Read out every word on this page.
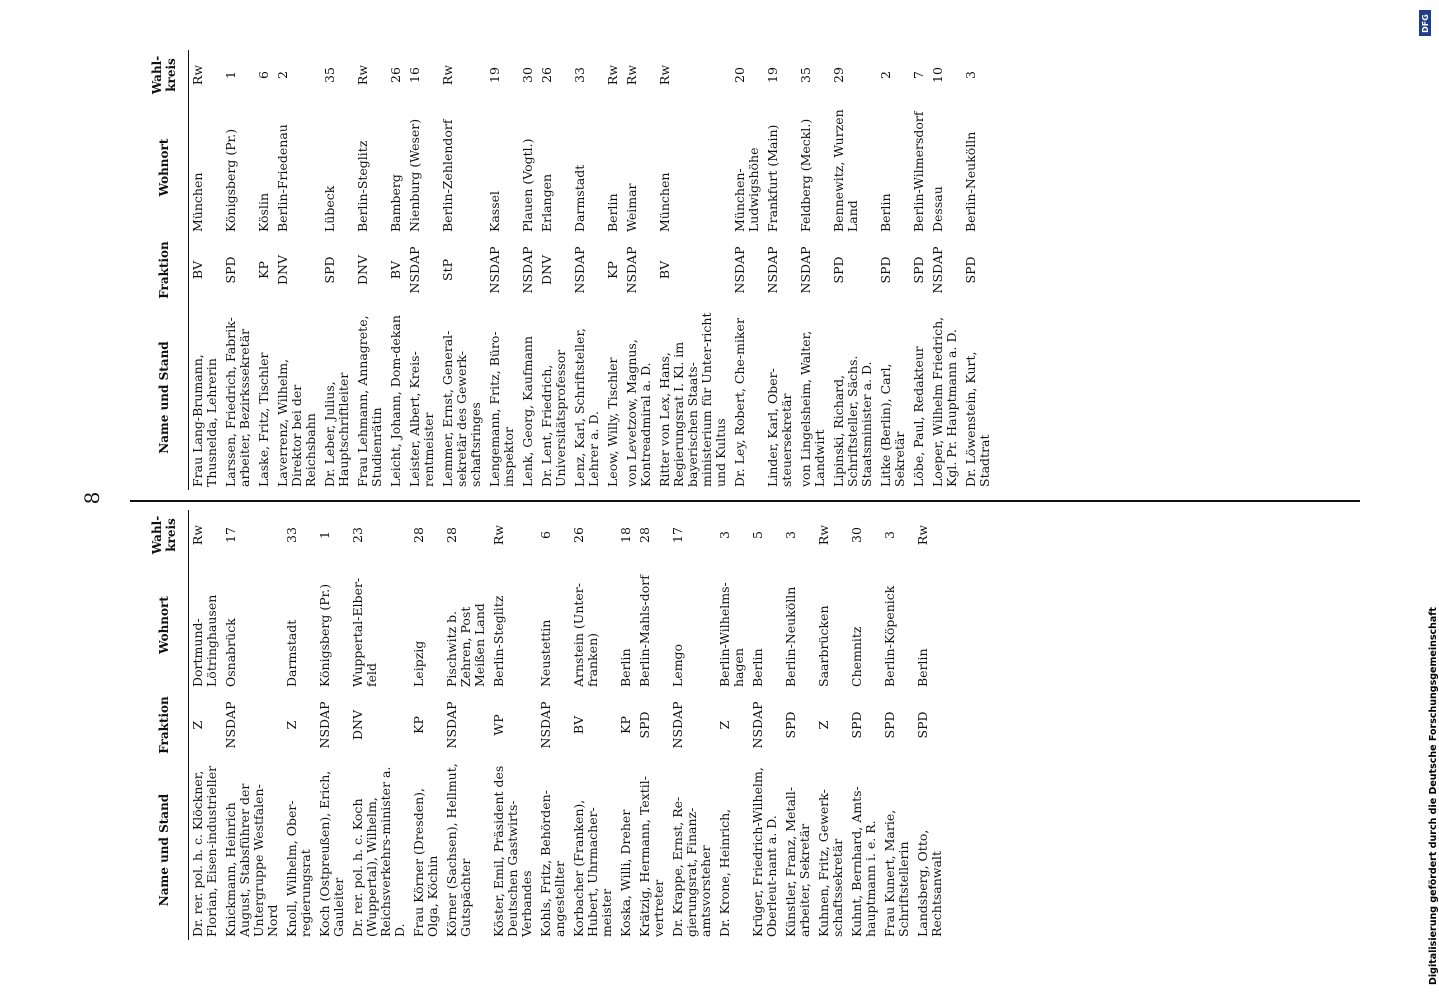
8
Name und Stand	Fraktion	Wohnort	Wahl-kreis
Dr. rer. pol. h. c. Klöckner, Florian, Eisen-industrieller	Z	Dortmund-Lötringhausen	Rw
Knickmann, Heinrich August, Stabsführer der Untergruppe Westfalen-Nord	NSDAP	Osnabrück	17
Knoll, Wilhelm, Ober-regierungsrat	Z	Darmstadt	33
Koch (Ostpreußen), Erich, Gauleiter	NSDAP	Königsberg (Pr.)	1
Dr. rer. pol. h. c. Koch (Wuppertal), Wilhelm, Reichsverkehrs-minister a. D.	DNV	Wuppertal-Elber-feld	23
Frau Körner (Dresden), Olga, Köchin	KP	Leipzig	28
Körner (Sachsen), Hellmut, Gutspächter	NSDAP	Pischwitz b. Zehren, Post Meißen Land	28
Köster, Emil, Präsident des Deutschen Gastwirts-Verbandes	WP	Berlin-Steglitz	Rw
Kohls, Fritz, Behörden-angestellter	NSDAP	Neustettin	6
Korbacher (Franken), Hubert, Uhrmacher-meister	BV	Arnstein (Unter-franken)	26
Koska, Willi, Dreher	KP	Berlin	18
Krätzig, Hermann, Textil-vertreter	SPD	Berlin-Mahls-dorf	28
Dr. Krappe, Ernst, Re-gierungsrat, Finanz-amtsvorsteher	NSDAP	Lemgo	17
Dr. Krone, Heinrich,	Z	Berlin-Wilhelms-hagen	3
Krüger, Friedrich-Wilhelm, Oberleut-nant a. D.	NSDAP	Berlin	5
Künstler, Franz, Metall-arbeiter, Sekretär	SPD	Berlin-Neukölln	3
Kuhnen, Fritz, Gewerk-schaftssekretär	Z	Saarbrücken	Rw
Kuhnt, Bernhard, Amts-hauptmann i. e. R.	SPD	Chemnitz	30
Frau Kunert, Marie, Schriftstellerin	SPD	Berlin-Köpenick	3
Landsberg, Otto, Rechtsanwalt	SPD	Berlin	Rw
Name und Stand	Fraktion	Wohnort	Wahl-kreis
Frau Lang-Brumann, Thusnelda, Lehrerin	BV	München	Rw
Larssen, Friedrich, Fabrik-arbeiter, Bezirkssekretär	SPD	Königsberg (Pr.)	1
Laske, Fritz, Tischler	KP	Köslin	6
Laverrenz, Wilhelm, Direktor bei der Reichsbahn	DNV	Berlin-Friedenau	2
Dr. Leber, Julius, Hauptschriftleiter	SPD	Lübeck	35
Frau Lehmann, Annagrete, Studienrätin	DNV	Berlin-Steglitz	Rw
Leicht, Johann, Dom-dekan	BV	Bamberg	26
Leister, Albert, Kreis-rentmeister	NSDAP	Nienburg (Weser)	16
Lemmer, Ernst, General-sekretär des Gewerk-schaftsringes	StP	Berlin-Zehlendorf	Rw
Lengemann, Fritz, Büro-inspektor	NSDAP	Kassel	19
Lenk, Georg, Kaufmann	NSDAP	Plauen (Vogtl.)	30
Dr. Lent, Friedrich, Universitätsprofessor	DNV	Erlangen	26
Lenz, Karl, Schriftsteller, Lehrer a. D.	NSDAP	Darmstadt	33
Leow, Willy, Tischler	KP	Berlin	Rw
von Levetzow, Magnus, Kontreadmiral a. D.	NSDAP	Weimar	Rw
Ritter von Lex, Hans, Regierungsrat I. Kl. im bayerischen Staats-ministerium für Unter-richt und Kultus	BV	München	Rw
Dr. Ley, Robert, Che-miker	NSDAP	München-Ludwigshöhe	20
Linder, Karl, Ober-steuersekretär	NSDAP	Frankfurt (Main)	19
von Lingelsheim, Walter, Landwirt	NSDAP	Feldberg (Meckl.)	35
Lipinski, Richard, Schriftsteller, Sächs. Staatsminister a. D.	SPD	Bennewitz, Wurzen Land	29
Litke (Berlin), Carl, Sekretär	SPD	Berlin	2
Löbe, Paul, Redakteur	SPD	Berlin-Wilmersdorf	7
Loeper, Wilhelm Friedrich, Kgl. Pr. Hauptmann a. D.	NSDAP	Dessau	10
Dr. Löwenstein, Kurt, Stadtrat	SPD	Berlin-Neukölln	3
DFG
Digitalisierung gefördert durch die Deutsche Forschungsgemeinschaft
